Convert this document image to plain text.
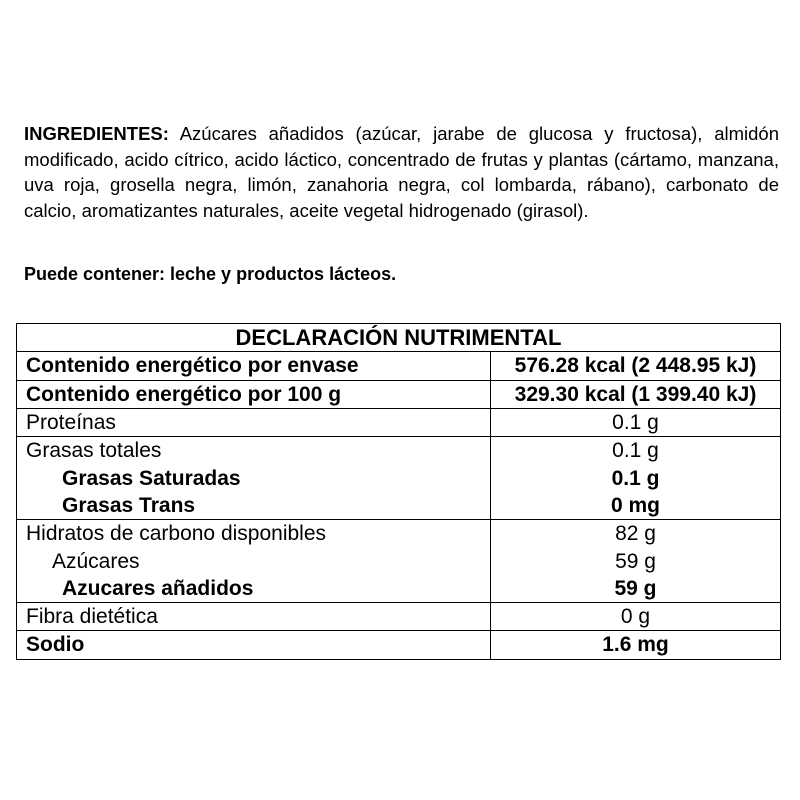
INGREDIENTES: Azúcares añadidos (azúcar, jarabe de glucosa y fructosa), almidón modificado, acido cítrico, acido láctico, concentrado de frutas y plantas (cártamo, manzana, uva roja, grosella negra, limón, zanahoria negra, col lombarda, rábano), carbonato de calcio, aromatizantes naturales, aceite vegetal hidrogenado (girasol).
Puede contener: leche y productos lácteos.
DECLARACIÓN NUTRIMENTAL	
Contenido energético por envase	576.28 kcal (2 448.95 kJ)
Contenido energético por 100 g	329.30 kcal (1 399.40 kJ)
Proteínas	0.1 g
Grasas totales	0.1 g
Grasas Saturadas	0.1 g
Grasas Trans	0 mg
Hidratos de carbono disponibles	82 g
Azúcares	59 g
Azucares añadidos	59 g
Fibra dietética	0 g
Sodio	1.6 mg
